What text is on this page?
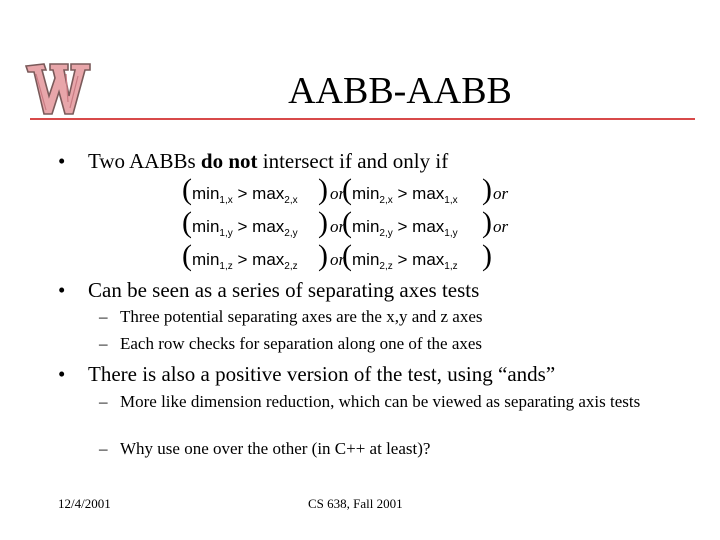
AABB-AABB
• Two AABBs do not intersect if and only if
( $\min_{1,x} > \max_{2,x}$ ) or
( $\min_{2,x} > \max_{1,x}$ ) or
( $\min_{1,y} > \max_{2,y}$ ) or
( $\min_{2,y} > \max_{1,y}$ ) or
( $\min_{1,z} > \max_{2,z}$ ) or
( $\min_{2,z} > \max_{1,z}$ )
• Can be seen as a series of separating axes tests
– Three potential separating axes are the x,y and z axes
– Each row checks for separation along one of the axes
• There is also a positive version of the test, using “ands”
– More like dimension reduction, which can be viewed as separating axis tests
– Why use one over the other (in C++ at least)?
12/4/2001	CS 638, Fall 2001
